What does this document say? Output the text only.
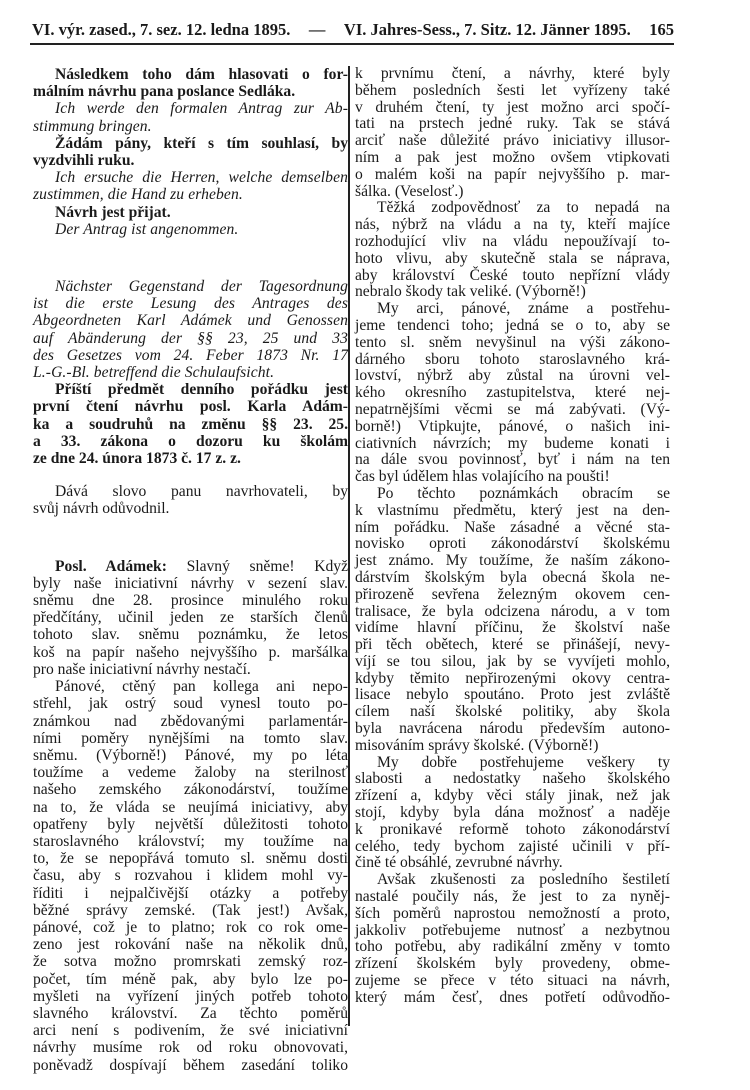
VI. výr. zased., 7. sez. 12. ledna 1895. — VI. Jahres-Sess., 7. Sitz. 12. Jänner 1895. 165
Následkem toho dám hlasovati o for-
málním návrhu pana poslance Sedláka.
Ich werde den formalen Antrag zur Ab-
stimmung bringen.
Žádám pány, kteří s tím souhlasí, by
vyzdvihli ruku.
Ich ersuche die Herren, welche demselben
zustimmen, die Hand zu erheben.
Návrh jest přijat.
Der Antrag ist angenommen.
Nächster Gegenstand der Tagesordnung
ist die erste Lesung des Antrages des
Abgeordneten Karl Adámek und Genossen
auf Abänderung der §§ 23, 25 und 33
des Gesetzes vom 24. Feber 1873 Nr. 17
L.-G.-Bl. betreffend die Schulaufsicht.
Příští předmět denního pořádku jest
první čtení návrhu posl. Karla Adám-
ka a soudruhů na změnu §§ 23. 25.
a 33. zákona o dozoru ku školám
ze dne 24. února 1873 č. 17 z. z.
Dává slovo panu navrhovateli, by
svůj návrh odůvodnil.
Posl. Adámek: Slavný sněme! Když
byly naše iniciativní návrhy v sezení slav.
sněmu dne 28. prosince minulého roku
předčítány, učinil jeden ze starších členů
tohoto slav. sněmu poznámku, že letos
koš na papír našeho nejvyššího p. maršálka
pro naše iniciativní návrhy nestačí.
Pánové, ctěný pan kollega ani nepo-
střehl, jak ostrý soud vynesl touto po-
známkou nad zbědovanými parlamentár-
ními poměry nynějšími na tomto slav.
sněmu. (Výborně!) Pánové, my po léta
toužíme a vedeme žaloby na sterilnosť
našeho zemského zákonodárství, toužíme
na to, že vláda se neujímá iniciativy, aby
opatřeny byly největší důležitosti tohoto
staroslavného království; my toužíme na
to, že se nepopřává tomuto sl. sněmu dosti
času, aby s rozvahou i klidem mohl vy-
říditi i nejpalčivější otázky a potřeby
běžné správy zemské. (Tak jest!) Avšak,
pánové, což je to platno; rok co rok ome-
zeno jest rokování naše na několik dnů,
že sotva možno promrskati zemský roz-
počet, tím méně pak, aby bylo lze po-
myšleti na vyřízení jiných potřeb tohoto
slavného království. Za těchto poměrů
arci není s podivením, že své iniciativní
návrhy musíme rok od roku obnovovati,
poněvadž dospívají během zasedání toliko
k prvnímu čtení, a návrhy, které byly
během posledních šesti let vyřízeny také
v druhém čtení, ty jest možno arci spočí-
tati na prstech jedné ruky. Tak se stává
arciť naše důležité právo iniciativy illusor-
ním a pak jest možno ovšem vtipkovati
o malém koši na papír nejvyššího p. mar-
šálka. (Veselosť.)
Těžká zodpovědnosť za to nepadá na
nás, nýbrž na vládu a na ty, kteří majíce
rozhodující vliv na vládu nepoužívají to-
hoto vlivu, aby skutečně stala se náprava,
aby království České touto nepřízní vlády
nebralo škody tak veliké. (Výborně!)
My arci, pánové, známe a postřehu-
jeme tendenci toho; jedná se o to, aby se
tento sl. sněm nevyšinul na výši zákono-
dárného sboru tohoto staroslavného krá-
lovství, nýbrž aby zůstal na úrovni vel-
kého okresního zastupitelstva, které nej-
nepatrnějšími věcmi se má zabývati. (Vý-
borně!) Vtipkujte, pánové, o našich ini-
ciativních návrzích; my budeme konati i
na dále svou povinnosť, byť i nám na ten
čas byl údělem hlas volajícího na poušti!
Po těchto poznámkách obracím se
k vlastnímu předmětu, který jest na den-
ním pořádku. Naše zásadné a věcné sta-
novisko oproti zákonodárství školskému
jest známo. My toužíme, že naším zákono-
dárstvím školským byla obecná škola ne-
přirozeně sevřena železným okovem cen-
tralisace, že byla odcizena národu, a v tom
vidíme hlavní příčinu, že školství naše
při těch obětech, které se přinášejí, nevy-
víjí se tou silou, jak by se vyvíjeti mohlo,
kdyby těmito nepřirozenými okovy centra-
lisace nebylo spoutáno. Proto jest zvláště
cílem naší školské politiky, aby škola
byla navrácena národu především autono-
misováním správy školské. (Výborně!)
My dobře postřehujeme veškery ty
slabosti a nedostatky našeho školského
zřízení a, kdyby věci stály jinak, než jak
stojí, kdyby byla dána možnosť a naděje
k pronikavé reformě tohoto zákonodárství
celého, tedy bychom zajisté učinili v pří-
čině té obsáhlé, zevrubné návrhy.
Avšak zkušenosti za posledního šestiletí
nastalé poučily nás, že jest to za nyněj-
ších poměrů naprostou nemožností a proto,
jakkoliv potřebujeme nutnosť a nezbytnou
toho potřebu, aby radikální změny v tomto
zřízení školském byly provedeny, obme-
zujeme se přece v této situaci na návrh,
který mám česť, dnes potřetí odůvodňo-
